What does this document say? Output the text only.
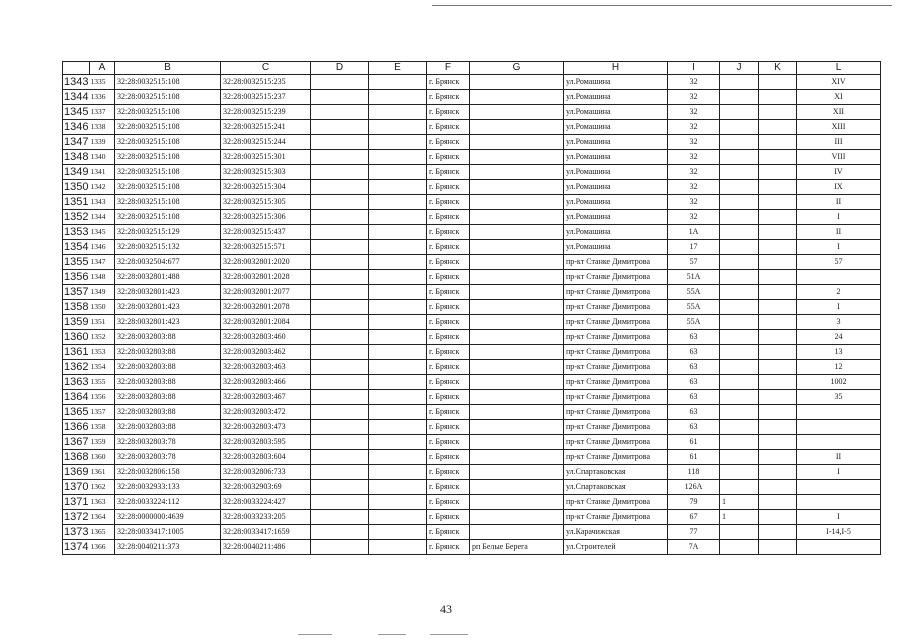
	A	B	C	D	E	F	G	H	I	J	K	L
1343	1335	32:28:0032515:108	32:28:0032515:235			г. Брянск		ул.Ромашина	32			XIV
1344	1336	32:28:0032515:108	32:28:0032515:237			г. Брянск		ул.Ромашина	32			XI
1345	1337	32:28:0032515:108	32:28:0032515:239			г. Брянск		ул.Ромашина	32			XII
1346	1338	32:28:0032515:108	32:28:0032515:241			г. Брянск		ул.Ромашина	32			XIII
1347	1339	32:28:0032515:108	32:28:0032515:244			г. Брянск		ул.Ромашина	32			III
1348	1340	32:28:0032515:108	32:28:0032515:301			г. Брянск		ул.Ромашина	32			VIII
1349	1341	32:28:0032515:108	32:28:0032515:303			г. Брянск		ул.Ромашина	32			IV
1350	1342	32:28:0032515:108	32:28:0032515:304			г. Брянск		ул.Ромашина	32			IX
1351	1343	32:28:0032515:108	32:28:0032515:305			г. Брянск		ул.Ромашина	32			II
1352	1344	32:28:0032515:108	32:28:0032515:306			г. Брянск		ул.Ромашина	32			I
1353	1345	32:28:0032515:129	32:28:0032515:437			г. Брянск		ул.Ромашина	1А			II
1354	1346	32:28:0032515:132	32:28:0032515:571			г. Брянск		ул.Ромашина	17			I
1355	1347	32:28:0032504:677	32:28:0032801:2020			г. Брянск		пр-кт Станке Димитрова	57			57
1356	1348	32:28:0032801:488	32:28:0032801:2028			г. Брянск		пр-кт Станке Димитрова	51А			
1357	1349	32:28:0032801:423	32:28:0032801:2077			г. Брянск		пр-кт Станке Димитрова	55А			2
1358	1350	32:28:0032801:423	32:28:0032801:2078			г. Брянск		пр-кт Станке Димитрова	55А			I
1359	1351	32:28:0032801:423	32:28:0032801:2084			г. Брянск		пр-кт Станке Димитрова	55А			3
1360	1352	32:28:0032803:88	32:28:0032803:460			г. Брянск		пр-кт Станке Димитрова	63			24
1361	1353	32:28:0032803:88	32:28:0032803:462			г. Брянск		пр-кт Станке Димитрова	63			13
1362	1354	32:28:0032803:88	32:28:0032803:463			г. Брянск		пр-кт Станке Димитрова	63			12
1363	1355	32:28:0032803:88	32:28:0032803:466			г. Брянск		пр-кт Станке Димитрова	63			1002
1364	1356	32:28:0032803:88	32:28:0032803:467			г. Брянск		пр-кт Станке Димитрова	63			35
1365	1357	32:28:0032803:88	32:28:0032803:472			г. Брянск		пр-кт Станке Димитрова	63			
1366	1358	32:28:0032803:88	32:28:0032803:473			г. Брянск		пр-кт Станке Димитрова	63			
1367	1359	32:28:0032803:78	32:28:0032803:595			г. Брянск		пр-кт Станке Димитрова	61			
1368	1360	32:28:0032803:78	32:28:0032803:604			г. Брянск		пр-кт Станке Димитрова	61			II
1369	1361	32:28:0032806:158	32:28:0032806:733			г. Брянск		ул.Спартаковская	118			I
1370	1362	32:28:0032933:133	32:28:0032903:69			г. Брянск		ул.Спартаковская	126А			
1371	1363	32:28:0033224:112	32:28:0033224:427			г. Брянск		пр-кт Станке Димитрова	79	1		
1372	1364	32:28:0000000:4639	32:28:0033233:205			г. Брянск		пр-кт Станке Димитрова	67	1		I
1373	1365	32:28:0033417:1005	32:28:0033417:1659			г. Брянск		ул.Карачижская	77			I-14,I-5
1374	1366	32:28:0040211:373	32:28:0040211:486			г. Брянск	рп Белые Берега	ул.Строителей	7А			
43
